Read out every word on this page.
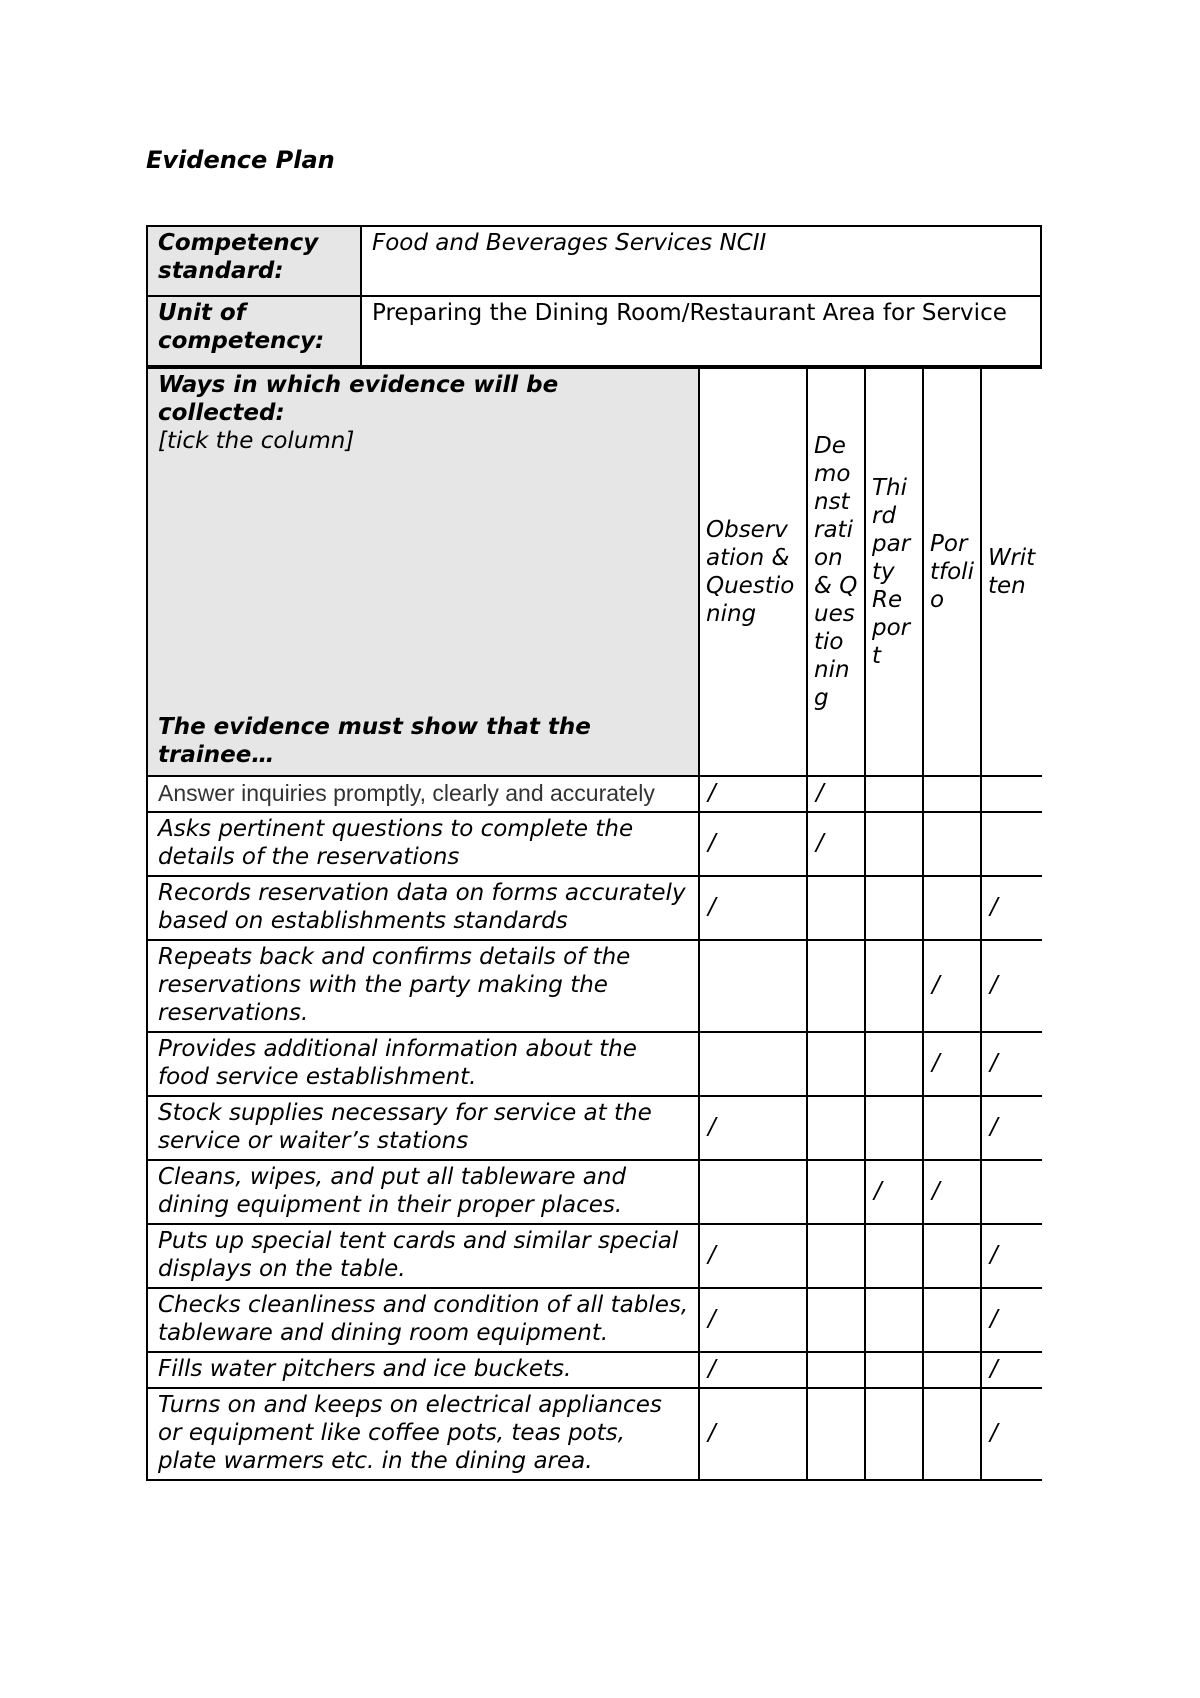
Evidence Plan
Competency standard:	Food and Beverages Services NCII
Unit of competency:	Preparing the Dining Room/Restaurant Area for Service
Ways in which evidence will be collected:
[tick the column]
The evidence must show that the trainee…	Observation & Questioning	Demonstration & Questioning	Third party Report	Portfolio	Written
Answer inquiries promptly, clearly and accurately	/	/			
Asks pertinent questions to complete the details of the reservations	/	/			
Records reservation data on forms accurately based on establishments standards	/				/
Repeats back and confirms details of the reservations with the party making the reservations.				/	/
Provides additional information about the food service establishment.				/	/
Stock supplies necessary for service at the service or waiter’s stations	/				/
Cleans, wipes, and put all tableware and dining equipment in their proper places.			/	/	
Puts up special tent cards and similar special displays on the table.	/				/
Checks cleanliness and condition of all tables, tableware and dining room equipment.	/				/
Fills water pitchers and ice buckets.	/				/
Turns on and keeps on electrical appliances or equipment like coffee pots, teas pots, plate warmers etc. in the dining area.	/				/
